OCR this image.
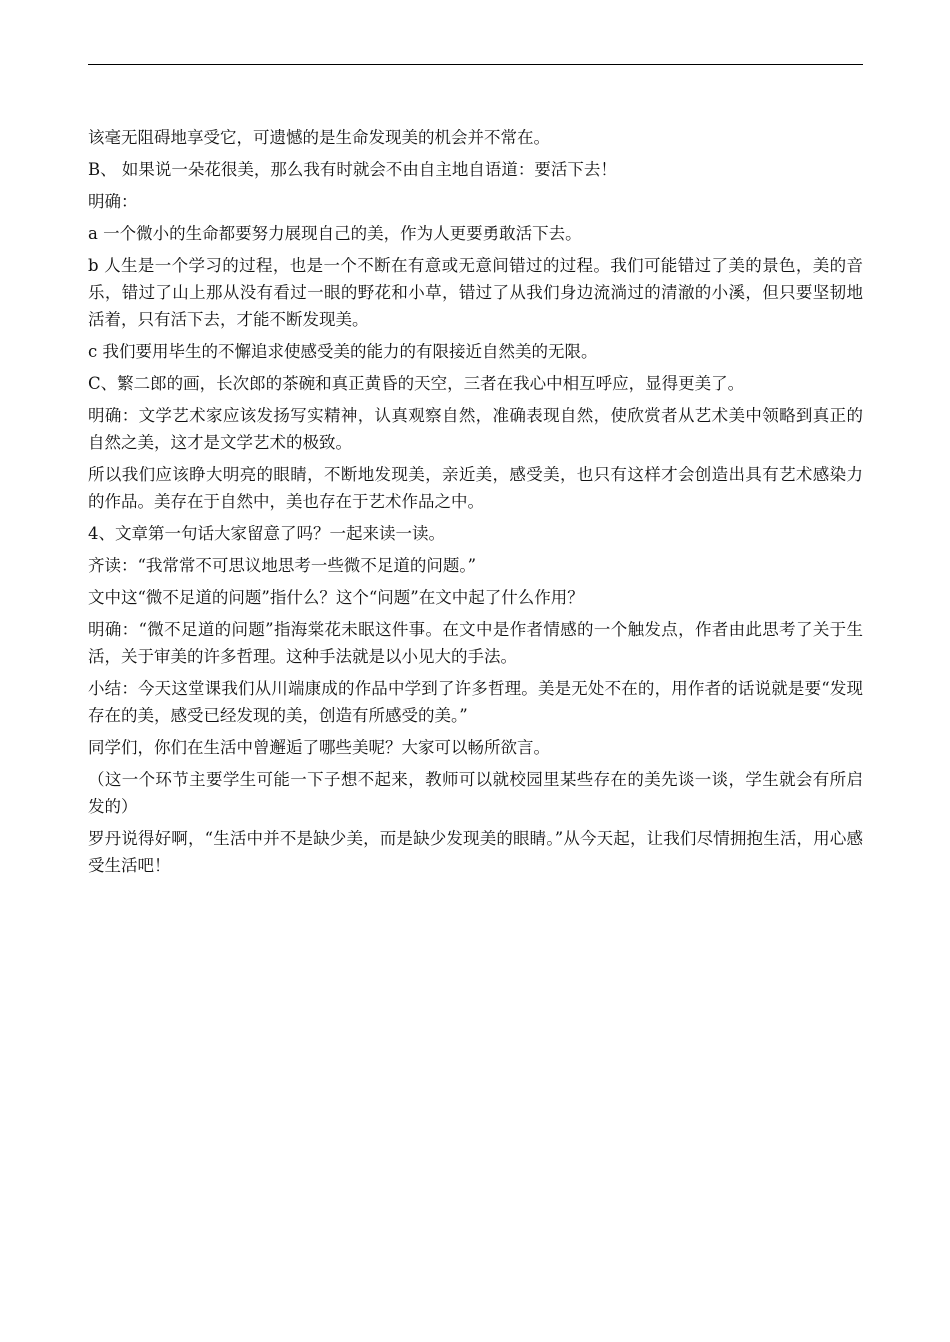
该毫无阻碍地享受它，可遗憾的是生命发现美的机会并不常在。

B、 如果说一朵花很美，那么我有时就会不由自主地自语道：要活下去！

明确：

a 一个微小的生命都要努力展现自己的美，作为人更要勇敢活下去。

b 人生是一个学习的过程，也是一个不断在有意或无意间错过的过程。我们可能错过了美的景色，美的音乐，错过了山上那从没有看过一眼的野花和小草，错过了从我们身边流淌过的清澈的小溪，但只要坚韧地活着，只有活下去，才能不断发现美。

c 我们要用毕生的不懈追求使感受美的能力的有限接近自然美的无限。

C、繁二郎的画，长次郎的茶碗和真正黄昏的天空，三者在我心中相互呼应，显得更美了。

明确：文学艺术家应该发扬写实精神，认真观察自然，准确表现自然，使欣赏者从艺术美中领略到真正的自然之美，这才是文学艺术的极致。

所以我们应该睁大明亮的眼睛，不断地发现美，亲近美，感受美，也只有这样才会创造出具有艺术感染力的作品。美存在于自然中，美也存在于艺术作品之中。

4、文章第一句话大家留意了吗？一起来读一读。

齐读：“我常常不可思议地思考一些微不足道的问题。”

文中这“微不足道的问题”指什么？这个“问题”在文中起了什么作用？

明确：“微不足道的问题”指海棠花未眠这件事。在文中是作者情感的一个触发点，作者由此思考了关于生活，关于审美的许多哲理。这种手法就是以小见大的手法。

小结：今天这堂课我们从川端康成的作品中学到了许多哲理。美是无处不在的，用作者的话说就是要“发现存在的美，感受已经发现的美，创造有所感受的美。”

同学们，你们在生活中曾邂逅了哪些美呢？大家可以畅所欲言。

（这一个环节主要学生可能一下子想不起来，教师可以就校园里某些存在的美先谈一谈，学生就会有所启发的）

罗丹说得好啊，“生活中并不是缺少美，而是缺少发现美的眼睛。”从今天起，让我们尽情拥抱生活，用心感受生活吧！
